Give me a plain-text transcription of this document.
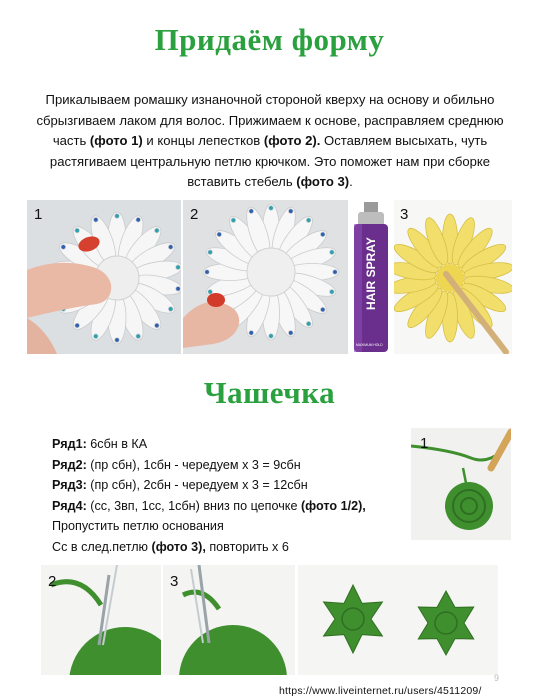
Придаём форму
Прикалываем ромашку изнаночной стороной кверху на основу и обильно сбрызгиваем лаком для волос. Прижимаем к основе, расправляем среднюю часть (фото 1) и концы лепестков (фото 2). Оставляем высыхать, чуть растягиваем центральную петлю крючком. Это поможет нам при сборке вставить стебель (фото 3).
1	2
HAIR SPRAY
MAXIMUM HOLD
3
Чашечка
Ряд1: 6сбн в КА
Ряд2: (пр сбн), 1сбн - чередуем х 3 = 9сбн
Ряд3: (пр сбн), 2сбн - чередуем х 3 = 12сбн
Ряд4: (сс, 3вп, 1сс, 1сбн) вниз по цепочке (фото 1/2),
Пропустить петлю основания
Сс в след.петлю (фото 3), повторить х 6
1
2	3
9
https://www.liveinternet.ru/users/4511209/
